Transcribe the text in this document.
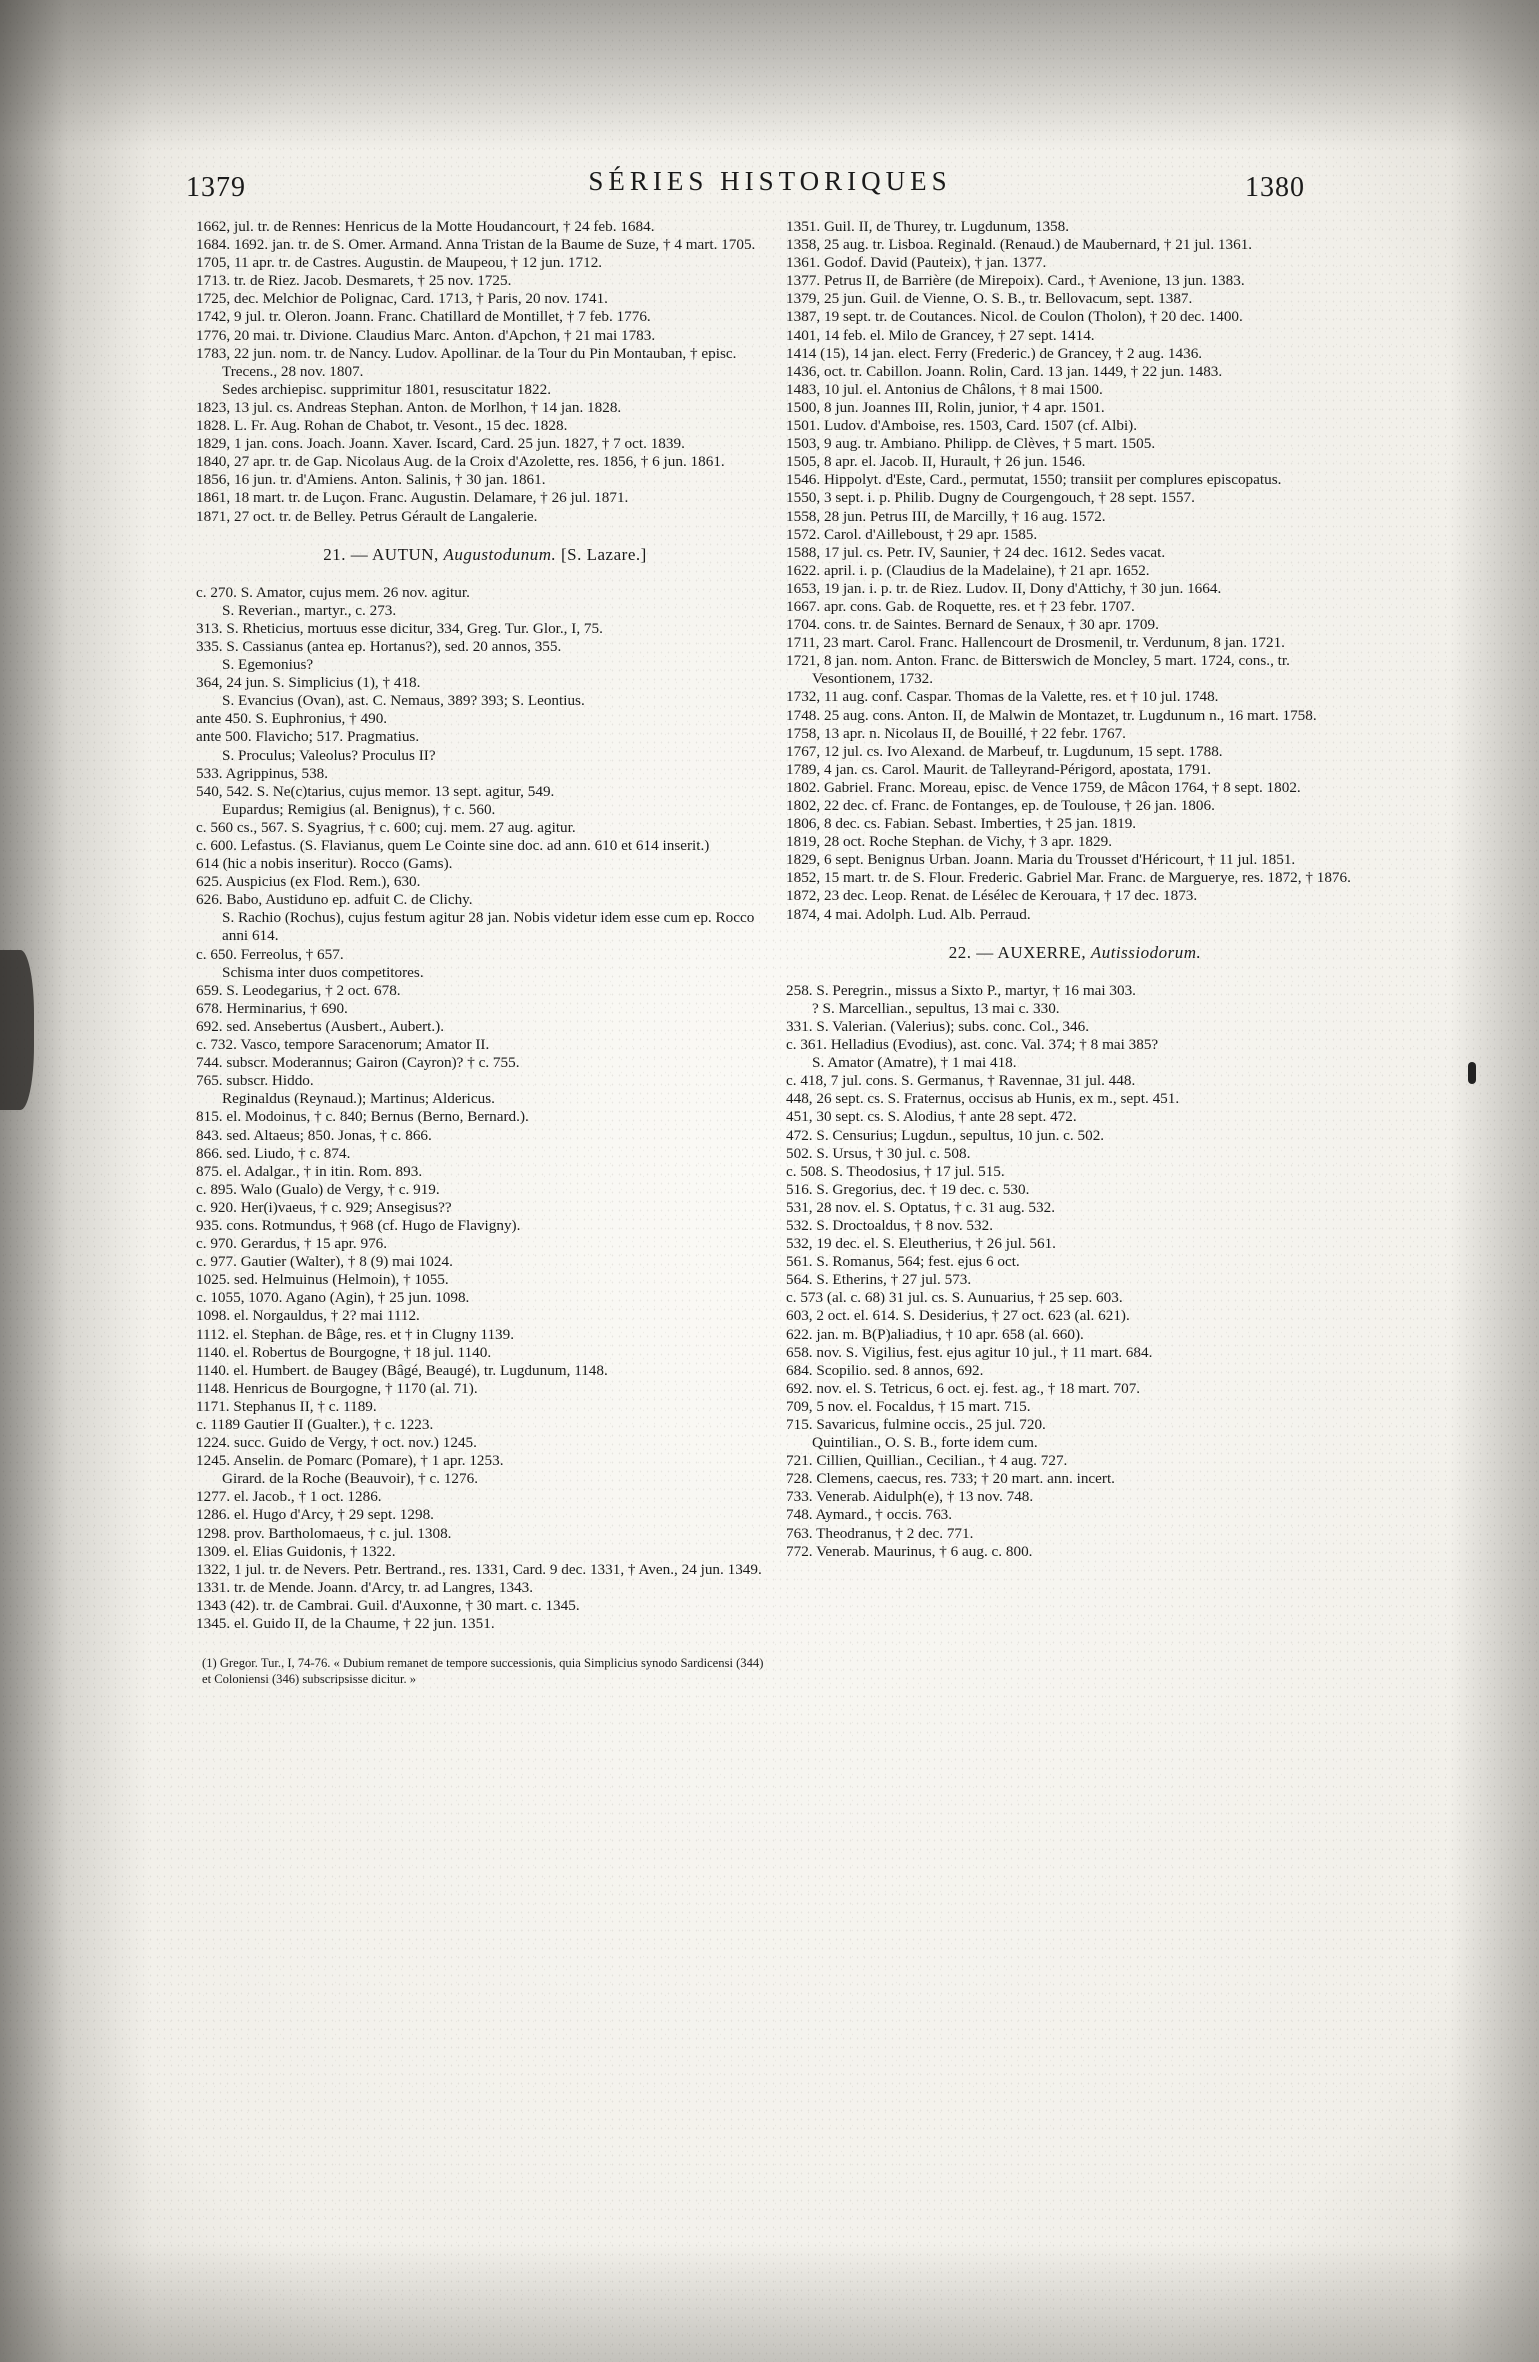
1379	SÉRIES HISTORIQUES	1380

1662, jul. tr. de Rennes: Henricus de la Motte Houdancourt, † 24 feb. 1684.

1684. 1692. jan. tr. de S. Omer. Armand. Anna Tristan de la Baume de Suze, † 4 mart. 1705.

1705, 11 apr. tr. de Castres. Augustin. de Maupeou, † 12 jun. 1712.

1713. tr. de Riez. Jacob. Desmarets, † 25 nov. 1725.

1725, dec. Melchior de Polignac, Card. 1713, † Paris, 20 nov. 1741.

1742, 9 jul. tr. Oleron. Joann. Franc. Chatillard de Montillet, † 7 feb. 1776.

1776, 20 mai. tr. Divione. Claudius Marc. Anton. d'Apchon, † 21 mai 1783.

1783, 22 jun. nom. tr. de Nancy. Ludov. Apollinar. de la Tour du Pin Montauban, † episc. Trecens., 28 nov. 1807.

Sedes archiepisc. supprimitur 1801, resuscitatur 1822.

1823, 13 jul. cs. Andreas Stephan. Anton. de Morlhon, † 14 jan. 1828.

1828. L. Fr. Aug. Rohan de Chabot, tr. Vesont., 15 dec. 1828.

1829, 1 jan. cons. Joach. Joann. Xaver. Iscard, Card. 25 jun. 1827, † 7 oct. 1839.

1840, 27 apr. tr. de Gap. Nicolaus Aug. de la Croix d'Azolette, res. 1856, † 6 jun. 1861.

1856, 16 jun. tr. d'Amiens. Anton. Salinis, † 30 jan. 1861.

1861, 18 mart. tr. de Luçon. Franc. Augustin. Delamare, † 26 jul. 1871.

1871, 27 oct. tr. de Belley. Petrus Gérault de Langalerie.

21. — AUTUN, Augustodunum. [S. Lazare.]

c. 270. S. Amator, cujus mem. 26 nov. agitur.

S. Reverian., martyr., c. 273.

313. S. Rheticius, mortuus esse dicitur, 334, Greg. Tur. Glor., I, 75.

335. S. Cassianus (antea ep. Hortanus?), sed. 20 annos, 355.

S. Egemonius?

364, 24 jun. S. Simplicius (1), † 418.

S. Evancius (Ovan), ast. C. Nemaus, 389? 393; S. Leontius.

ante 450. S. Euphronius, † 490.

ante 500. Flavicho; 517. Pragmatius.

S. Proculus; Valeolus? Proculus II?

533. Agrippinus, 538.

540, 542. S. Ne(c)tarius, cujus memor. 13 sept. agitur, 549.

Eupardus; Remigius (al. Benignus), † c. 560.

c. 560 cs., 567. S. Syagrius, † c. 600; cuj. mem. 27 aug. agitur.

c. 600. Lefastus. (S. Flavianus, quem Le Cointe sine doc. ad ann. 610 et 614 inserit.)

614 (hic a nobis inseritur). Rocco (Gams).

625. Auspicius (ex Flod. Rem.), 630.

626. Babo, Austiduno ep. adfuit C. de Clichy.

S. Rachio (Rochus), cujus festum agitur 28 jan. Nobis videtur idem esse cum ep. Rocco anni 614.

c. 650. Ferreolus, † 657.

Schisma inter duos competitores.

659. S. Leodegarius, † 2 oct. 678.

678. Herminarius, † 690.

692. sed. Ansebertus (Ausbert., Aubert.).

c. 732. Vasco, tempore Saracenorum; Amator II.

744. subscr. Moderannus; Gairon (Cayron)? † c. 755.

765. subscr. Hiddo.

Reginaldus (Reynaud.); Martinus; Aldericus.

815. el. Modoinus, † c. 840; Bernus (Berno, Bernard.).

843. sed. Altaeus; 850. Jonas, † c. 866.

866. sed. Liudo, † c. 874.

875. el. Adalgar., † in itin. Rom. 893.

c. 895. Walo (Gualo) de Vergy, † c. 919.

c. 920. Her(i)vaeus, † c. 929; Ansegisus??

935. cons. Rotmundus, † 968 (cf. Hugo de Flavigny).

c. 970. Gerardus, † 15 apr. 976.

c. 977. Gautier (Walter), † 8 (9) mai 1024.

1025. sed. Helmuinus (Helmoin), † 1055.

c. 1055, 1070. Agano (Agin), † 25 jun. 1098.

1098. el. Norgauldus, † 2? mai 1112.

1112. el. Stephan. de Bâge, res. et † in Clugny 1139.

1140. el. Robertus de Bourgogne, † 18 jul. 1140.

1140. el. Humbert. de Baugey (Bâgé, Beaugé), tr. Lugdunum, 1148.

1148. Henricus de Bourgogne, † 1170 (al. 71).

1171. Stephanus II, † c. 1189.

c. 1189 Gautier II (Gualter.), † c. 1223.

1224. succ. Guido de Vergy, † oct. nov.) 1245.

1245. Anselin. de Pomarc (Pomare), † 1 apr. 1253.

Girard. de la Roche (Beauvoir), † c. 1276.

1277. el. Jacob., † 1 oct. 1286.

1286. el. Hugo d'Arcy, † 29 sept. 1298.

1298. prov. Bartholomaeus, † c. jul. 1308.

1309. el. Elias Guidonis, † 1322.

1322, 1 jul. tr. de Nevers. Petr. Bertrand., res. 1331, Card. 9 dec. 1331, † Aven., 24 jun. 1349.

1331. tr. de Mende. Joann. d'Arcy, tr. ad Langres, 1343.

1343 (42). tr. de Cambrai. Guil. d'Auxonne, † 30 mart. c. 1345.

1345. el. Guido II, de la Chaume, † 22 jun. 1351.

(1) Gregor. Tur., I, 74-76. « Dubium remanet de tempore successionis, quia Simplicius synodo Sardicensi (344) et Coloniensi (346) subscripsisse dicitur. »

1351. Guil. II, de Thurey, tr. Lugdunum, 1358.

1358, 25 aug. tr. Lisboa. Reginald. (Renaud.) de Maubernard, † 21 jul. 1361.

1361. Godof. David (Pauteix), † jan. 1377.

1377. Petrus II, de Barrière (de Mirepoix). Card., † Avenione, 13 jun. 1383.

1379, 25 jun. Guil. de Vienne, O. S. B., tr. Bellovacum, sept. 1387.

1387, 19 sept. tr. de Coutances. Nicol. de Coulon (Tholon), † 20 dec. 1400.

1401, 14 feb. el. Milo de Grancey, † 27 sept. 1414.

1414 (15), 14 jan. elect. Ferry (Frederic.) de Grancey, † 2 aug. 1436.

1436, oct. tr. Cabillon. Joann. Rolin, Card. 13 jan. 1449, † 22 jun. 1483.

1483, 10 jul. el. Antonius de Châlons, † 8 mai 1500.

1500, 8 jun. Joannes III, Rolin, junior, † 4 apr. 1501.

1501. Ludov. d'Amboise, res. 1503, Card. 1507 (cf. Albi).

1503, 9 aug. tr. Ambiano. Philipp. de Clèves, † 5 mart. 1505.

1505, 8 apr. el. Jacob. II, Hurault, † 26 jun. 1546.

1546. Hippolyt. d'Este, Card., permutat, 1550; transiit per complures episcopatus.

1550, 3 sept. i. p. Philib. Dugny de Courgengouch, † 28 sept. 1557.

1558, 28 jun. Petrus III, de Marcilly, † 16 aug. 1572.

1572. Carol. d'Ailleboust, † 29 apr. 1585.

1588, 17 jul. cs. Petr. IV, Saunier, † 24 dec. 1612. Sedes vacat.

1622. april. i. p. (Claudius de la Madelaine), † 21 apr. 1652.

1653, 19 jan. i. p. tr. de Riez. Ludov. II, Dony d'Attichy, † 30 jun. 1664.

1667. apr. cons. Gab. de Roquette, res. et † 23 febr. 1707.

1704. cons. tr. de Saintes. Bernard de Senaux, † 30 apr. 1709.

1711, 23 mart. Carol. Franc. Hallencourt de Drosmenil, tr. Verdunum, 8 jan. 1721.

1721, 8 jan. nom. Anton. Franc. de Bitterswich de Moncley, 5 mart. 1724, cons., tr. Vesontionem, 1732.

1732, 11 aug. conf. Caspar. Thomas de la Valette, res. et † 10 jul. 1748.

1748. 25 aug. cons. Anton. II, de Malwin de Montazet, tr. Lugdunum n., 16 mart. 1758.

1758, 13 apr. n. Nicolaus II, de Bouillé, † 22 febr. 1767.

1767, 12 jul. cs. Ivo Alexand. de Marbeuf, tr. Lugdunum, 15 sept. 1788.

1789, 4 jan. cs. Carol. Maurit. de Talleyrand-Périgord, apostata, 1791.

1802. Gabriel. Franc. Moreau, episc. de Vence 1759, de Mâcon 1764, † 8 sept. 1802.

1802, 22 dec. cf. Franc. de Fontanges, ep. de Toulouse, † 26 jan. 1806.

1806, 8 dec. cs. Fabian. Sebast. Imberties, † 25 jan. 1819.

1819, 28 oct. Roche Stephan. de Vichy, † 3 apr. 1829.

1829, 6 sept. Benignus Urban. Joann. Maria du Trousset d'Héricourt, † 11 jul. 1851.

1852, 15 mart. tr. de S. Flour. Frederic. Gabriel Mar. Franc. de Marguerye, res. 1872, † 1876.

1872, 23 dec. Leop. Renat. de Lésélec de Kerouara, † 17 dec. 1873.

1874, 4 mai. Adolph. Lud. Alb. Perraud.

22. — AUXERRE, Autissiodorum.

258. S. Peregrin., missus a Sixto P., martyr, † 16 mai 303.

? S. Marcellian., sepultus, 13 mai c. 330.

331. S. Valerian. (Valerius); subs. conc. Col., 346.

c. 361. Helladius (Evodius), ast. conc. Val. 374; † 8 mai 385?

S. Amator (Amatre), † 1 mai 418.

c. 418, 7 jul. cons. S. Germanus, † Ravennae, 31 jul. 448.

448, 26 sept. cs. S. Fraternus, occisus ab Hunis, ex m., sept. 451.

451, 30 sept. cs. S. Alodius, † ante 28 sept. 472.

472. S. Censurius; Lugdun., sepultus, 10 jun. c. 502.

502. S. Ursus, † 30 jul. c. 508.

c. 508. S. Theodosius, † 17 jul. 515.

516. S. Gregorius, dec. † 19 dec. c. 530.

531, 28 nov. el. S. Optatus, † c. 31 aug. 532.

532. S. Droctoaldus, † 8 nov. 532.

532, 19 dec. el. S. Eleutherius, † 26 jul. 561.

561. S. Romanus, 564; fest. ejus 6 oct.

564. S. Etherins, † 27 jul. 573.

c. 573 (al. c. 68) 31 jul. cs. S. Aunuarius, † 25 sep. 603.

603, 2 oct. el. 614. S. Desiderius, † 27 oct. 623 (al. 621).

622. jan. m. B(P)aliadius, † 10 apr. 658 (al. 660).

658. nov. S. Vigilius, fest. ejus agitur 10 jul., † 11 mart. 684.

684. Scopilio. sed. 8 annos, 692.

692. nov. el. S. Tetricus, 6 oct. ej. fest. ag., † 18 mart. 707.

709, 5 nov. el. Focaldus, † 15 mart. 715.

715. Savaricus, fulmine occis., 25 jul. 720.

Quintilian., O. S. B., forte idem cum.

721. Cillien, Quillian., Cecilian., † 4 aug. 727.

728. Clemens, caecus, res. 733; † 20 mart. ann. incert.

733. Venerab. Aidulph(e), † 13 nov. 748.

748. Aymard., † occis. 763.

763. Theodranus, † 2 dec. 771.

772. Venerab. Maurinus, † 6 aug. c. 800.
